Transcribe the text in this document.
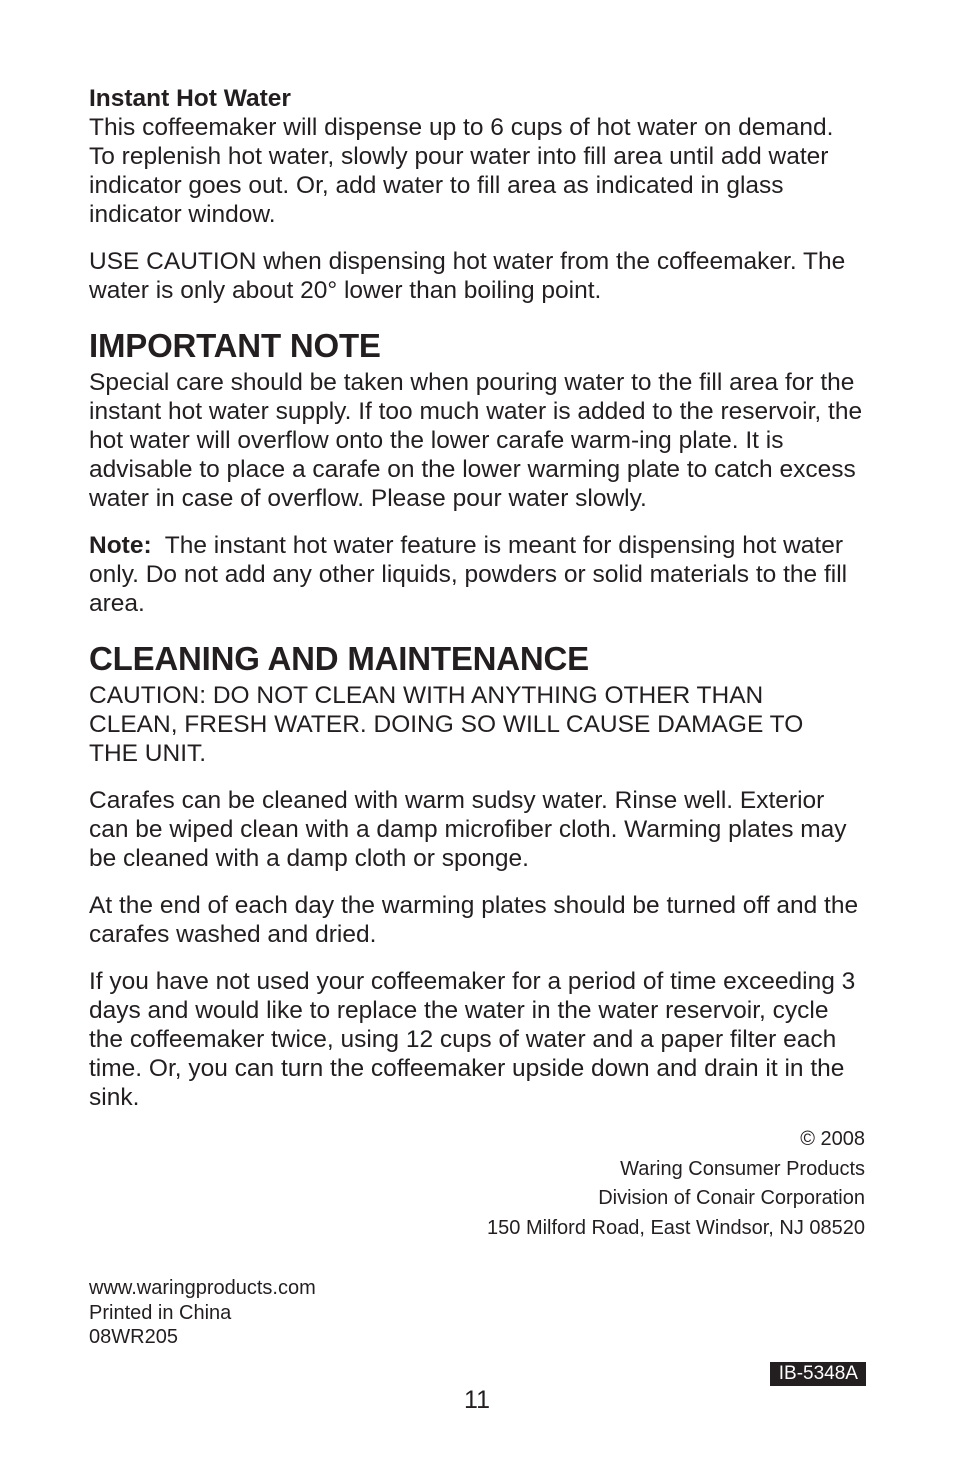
Instant Hot Water

This coffeemaker will dispense up to 6 cups of hot water on demand. To replenish hot water, slowly pour water into fill area until add water indicator goes out. Or, add water to fill area as indicated in glass indicator window.

USE CAUTION when dispensing hot water from the coffeemaker. The water is only about 20° lower than boiling point.

IMPORTANT NOTE

Special care should be taken when pouring water to the fill area for the instant hot water supply. If too much water is added to the reservoir, the hot water will overflow onto the lower carafe warm-ing plate. It is advisable to place a carafe on the lower warming plate to catch excess water in case of overflow. Please pour water slowly.

Note: The instant hot water feature is meant for dispensing hot water only. Do not add any other liquids, powders or solid materials to the fill area.

CLEANING AND MAINTENANCE

CAUTION: DO NOT CLEAN WITH ANYTHING OTHER THAN CLEAN, FRESH WATER. DOING SO WILL CAUSE DAMAGE TO THE UNIT.

Carafes can be cleaned with warm sudsy water. Rinse well. Exterior can be wiped clean with a damp microfiber cloth. Warming plates may be cleaned with a damp cloth or sponge.

At the end of each day the warming plates should be turned off and the carafes washed and dried.

If you have not used your coffeemaker for a period of time exceeding 3 days and would like to replace the water in the water reservoir, cycle the coffeemaker twice, using 12 cups of water and a paper filter each time. Or, you can turn the coffeemaker upside down and drain it in the sink.

© 2008
Waring Consumer Products
Division of Conair Corporation
150 Milford Road, East Windsor, NJ 08520
www.waringproducts.com
Printed in China
08WR205
IB-5348A
11
